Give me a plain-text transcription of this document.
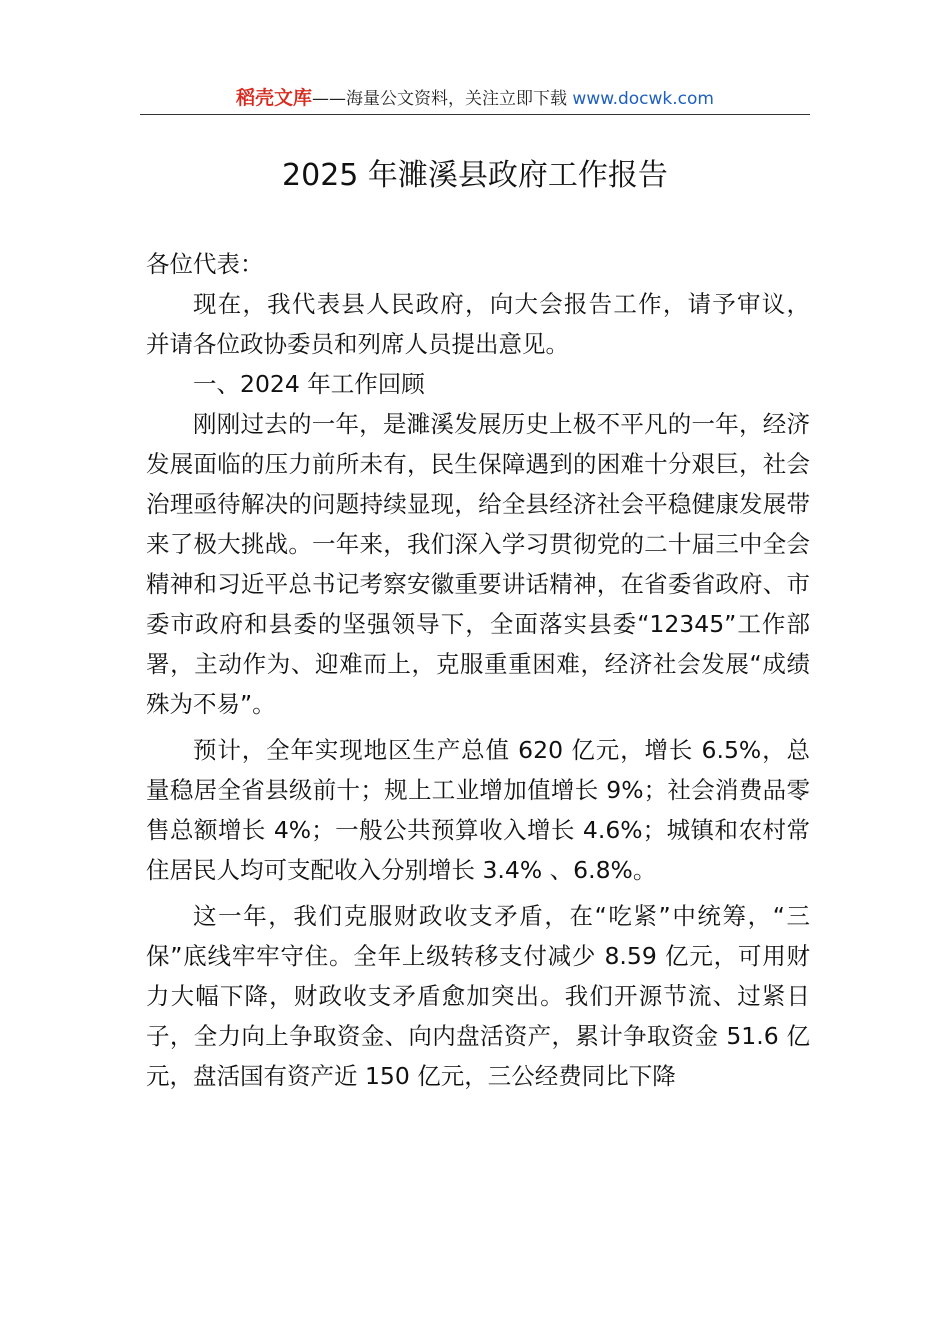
稻壳文库——海量公文资料，关注立即下载 www.docwk.com
2025 年濉溪县政府工作报告

各位代表：

现在，我代表县人民政府，向大会报告工作，请予审议， 并请各位政协委员和列席人员提出意见。

一、2024 年工作回顾

刚刚过去的一年，是濉溪发展历史上极不平凡的一年，经济发展面临的压力前所未有，民生保障遇到的困难十分艰巨，社会治理亟待解决的问题持续显现，给全县经济社会平稳健康发展带来了极大挑战。一年来，我们深入学习贯彻党的二十届三中全会精神和习近平总书记考察安徽重要讲话精神，在省委省政府、市委市政府和县委的坚强领导下，全面落实县委“12345”工作部署，主动作为、迎难而上，克服重重困难，经济社会发展“成绩殊为不易”。

预计，全年实现地区生产总值 620 亿元，增长 6.5%，总量稳居全省县级前十；规上工业增加值增长 9%；社会消费品零售总额增长 4%；一般公共预算收入增长 4.6%；城镇和农村常住居民人均可支配收入分别增长 3.4% 、6.8%。

这一年，我们克服财政收支矛盾，在“吃紧”中统筹，“三保”底线牢牢守住。全年上级转移支付减少 8.59 亿元，可用财力大幅下降，财政收支矛盾愈加突出。我们开源节流、过紧日子，全力向上争取资金、向内盘活资产，累计争取资金 51.6 亿元，盘活国有资产近 150 亿元，三公经费同比下降
